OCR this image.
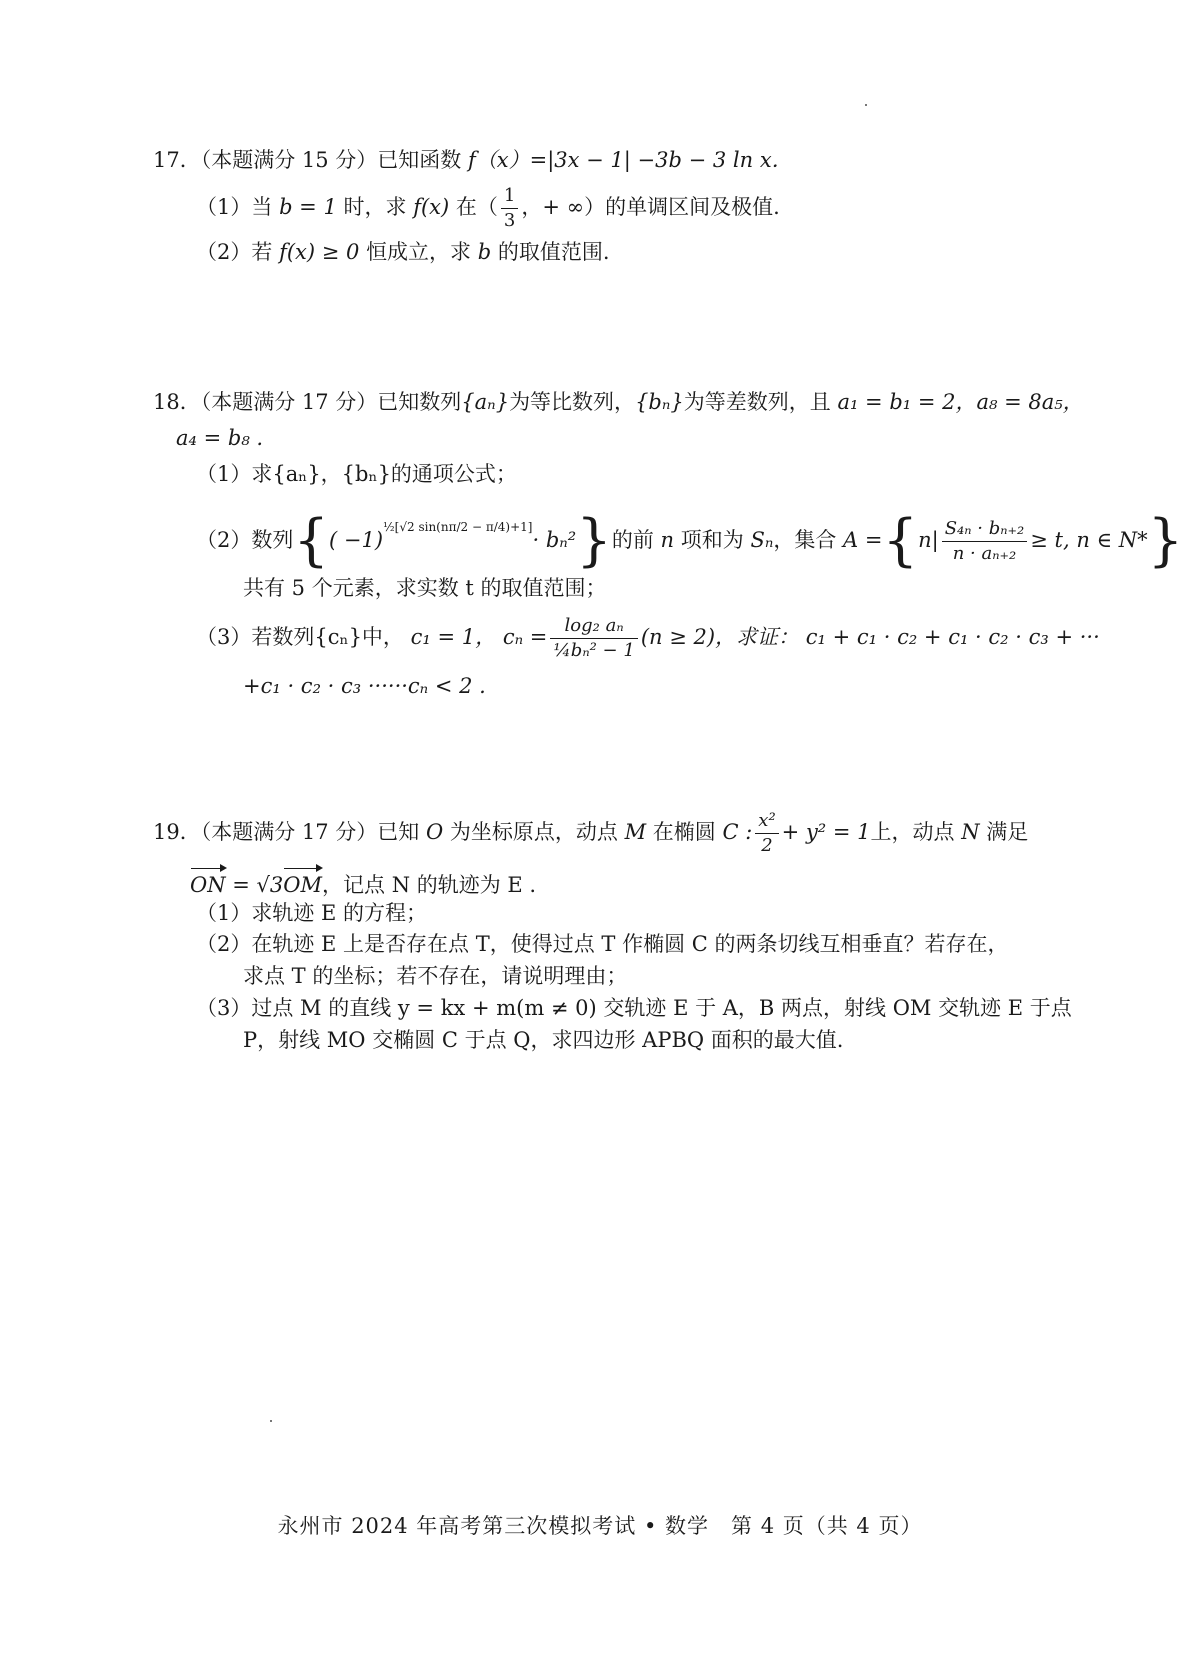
17．（本题满分 15 分）已知函数 f（x）=|3x − 1| −3b − 3 ln x．
（1）当 b = 1 时，求 f(x) 在（ $\frac{1}{3}$ ，+ ∞）的单调区间及极值.
（2）若 f(x) ≥ 0 恒成立，求 b 的取值范围.
18．（本题满分 17 分）已知数列{aₙ}为等比数列，{bₙ}为等差数列，且 a₁ = b₁ = 2，a₈ = 8a₅，
a₄ = b₈ .
（1）求{aₙ}，{bₙ}的通项公式；
（2）数列{( −1)½[√2 sin(nπ/2 − π/4)+1]· bₙ²}的前 n 项和为 Sₙ，集合 $A =\{n| \frac{\text{S₄ₙ · bₙ₊₂}}{\text{n · aₙ₊₂}} \ge t$, n ∈ N*}
共有 5 个元素，求实数 t 的取值范围；
（3）若数列{cₙ}中， c₁ = 1， $c_n = \frac{\text{log₂ aₙ}}{\text{¼bₙ² − 1}} (n \ge 2)$，求证： c₁ + c₁ · c₂ + c₁ · c₂ · c₃ + ···
+c₁ · c₂ · c₃ ······cₙ < 2 .
19．（本题满分 17 分）已知 O 为坐标原点，动点 M 在椭圆 C : $\frac{\text{x²}}{2} + y^2 = 1$上，动点 N 满足
ON = √3OM，记点 N 的轨迹为 E .
（1）求轨迹 E 的方程；
（2）在轨迹 E 上是否存在点 T，使得过点 T 作椭圆 C 的两条切线互相垂直？若存在，
求点 T 的坐标；若不存在，请说明理由；
（3）过点 M 的直线 y = kx + m(m ≠ 0) 交轨迹 E 于 A，B 两点，射线 OM 交轨迹 E 于点
P，射线 MO 交椭圆 C 于点 Q，求四边形 APBQ 面积的最大值.
永州市 2024 年高考第三次模拟考试 • 数学　第 4 页（共 4 页）
